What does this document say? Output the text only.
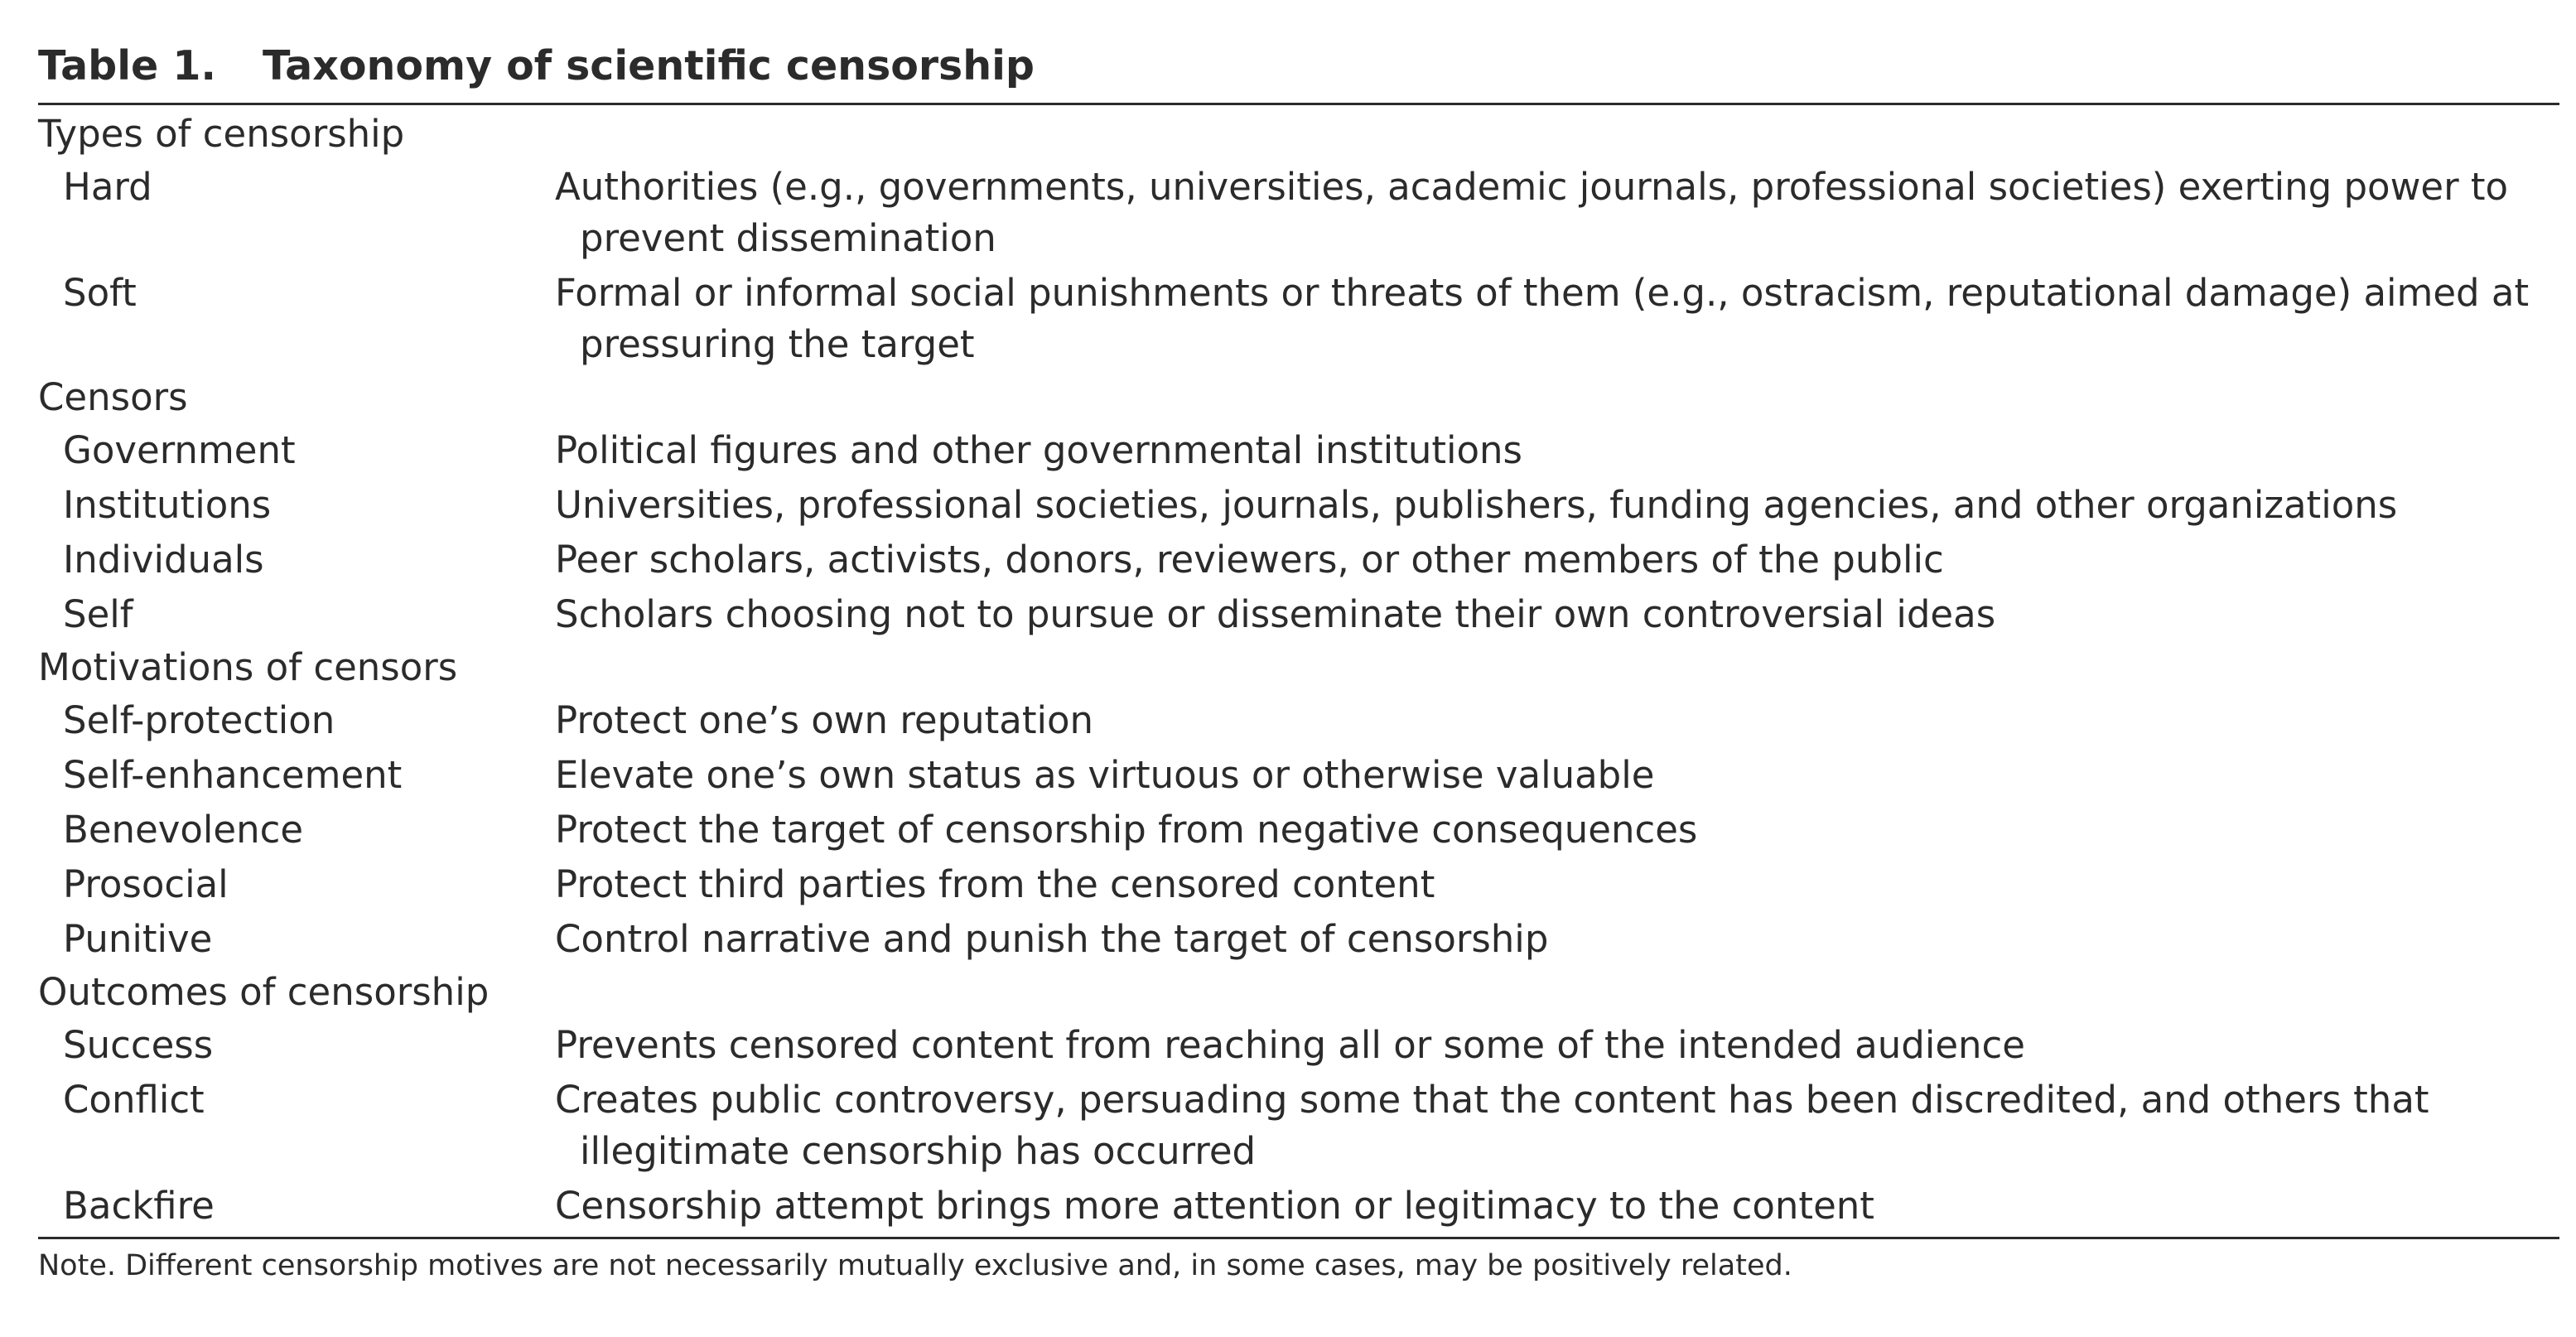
Table 1. Taxonomy of scientific censorship
Types of censorship
Hard	Authorities (e.g., governments, universities, academic journals, professional societies) exerting power to prevent dissemination
Soft	Formal or informal social punishments or threats of them (e.g., ostracism, reputational damage) aimed at pressuring the target
Censors
Government	Political figures and other governmental institutions
Institutions	Universities, professional societies, journals, publishers, funding agencies, and other organizations
Individuals	Peer scholars, activists, donors, reviewers, or other members of the public
Self	Scholars choosing not to pursue or disseminate their own controversial ideas
Motivations of censors
Self-protection	Protect one’s own reputation
Self-enhancement	Elevate one’s own status as virtuous or otherwise valuable
Benevolence	Protect the target of censorship from negative consequences
Prosocial	Protect third parties from the censored content
Punitive	Control narrative and punish the target of censorship
Outcomes of censorship
Success	Prevents censored content from reaching all or some of the intended audience
Conflict	Creates public controversy, persuading some that the content has been discredited, and others that illegitimate censorship has occurred
Backfire	Censorship attempt brings more attention or legitimacy to the content
Note. Different censorship motives are not necessarily mutually exclusive and, in some cases, may be positively related.
